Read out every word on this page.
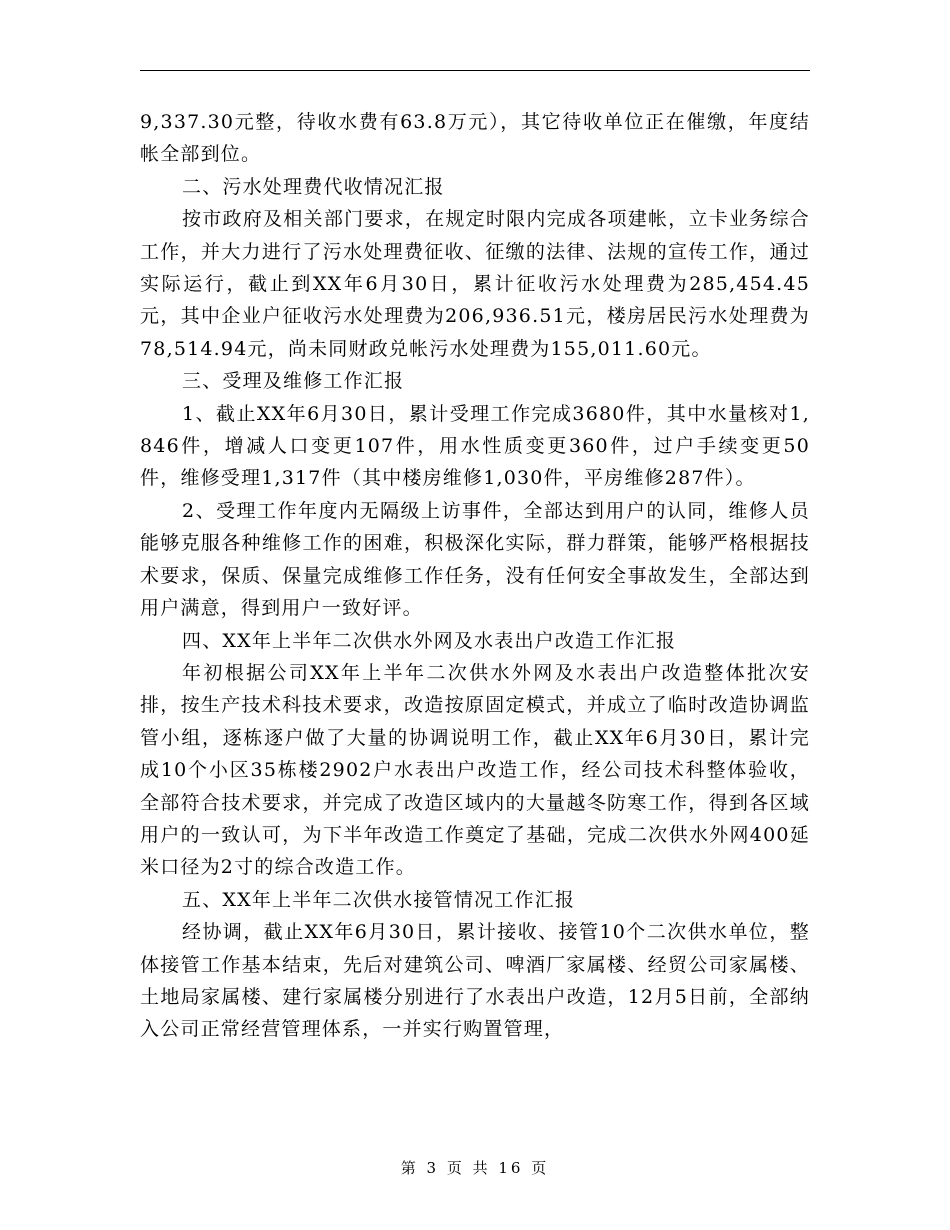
9,337.30元整，待收水费有63.8万元），其它待收单位正在催缴，年度结帐全部到位。

二、污水处理费代收情况汇报

按市政府及相关部门要求，在规定时限内完成各项建帐，立卡业务综合工作，并大力进行了污水处理费征收、征缴的法律、法规的宣传工作，通过实际运行，截止到XX年6月30日，累计征收污水处理费为285,454.45元，其中企业户征收污水处理费为206,936.51元，楼房居民污水处理费为78,514.94元，尚未同财政兑帐污水处理费为155,011.60元。

三、受理及维修工作汇报

1、截止XX年6月30日，累计受理工作完成3680件，其中水量核对1,846件，增减人口变更107件，用水性质变更360件，过户手续变更50件，维修受理1,317件（其中楼房维修1,030件，平房维修287件）。

2、受理工作年度内无隔级上访事件，全部达到用户的认同，维修人员能够克服各种维修工作的困难，积极深化实际，群力群策，能够严格根据技术要求，保质、保量完成维修工作任务，没有任何安全事故发生，全部达到用户满意，得到用户一致好评。

四、XX年上半年二次供水外网及水表出户改造工作汇报

年初根据公司XX年上半年二次供水外网及水表出户改造整体批次安排，按生产技术科技术要求，改造按原固定模式，并成立了临时改造协调监管小组，逐栋逐户做了大量的协调说明工作，截止XX年6月30日，累计完成10个小区35栋楼2902户水表出户改造工作，经公司技术科整体验收，全部符合技术要求，并完成了改造区域内的大量越冬防寒工作，得到各区域用户的一致认可，为下半年改造工作奠定了基础，完成二次供水外网400延米口径为2寸的综合改造工作。

五、XX年上半年二次供水接管情况工作汇报

经协调，截止XX年6月30日，累计接收、接管10个二次供水单位，整体接管工作基本结束，先后对建筑公司、啤酒厂家属楼、经贸公司家属楼、土地局家属楼、建行家属楼分别进行了水表出户改造，12月5日前，全部纳入公司正常经营管理体系，一并实行购置管理，

第 3 页 共 16 页
